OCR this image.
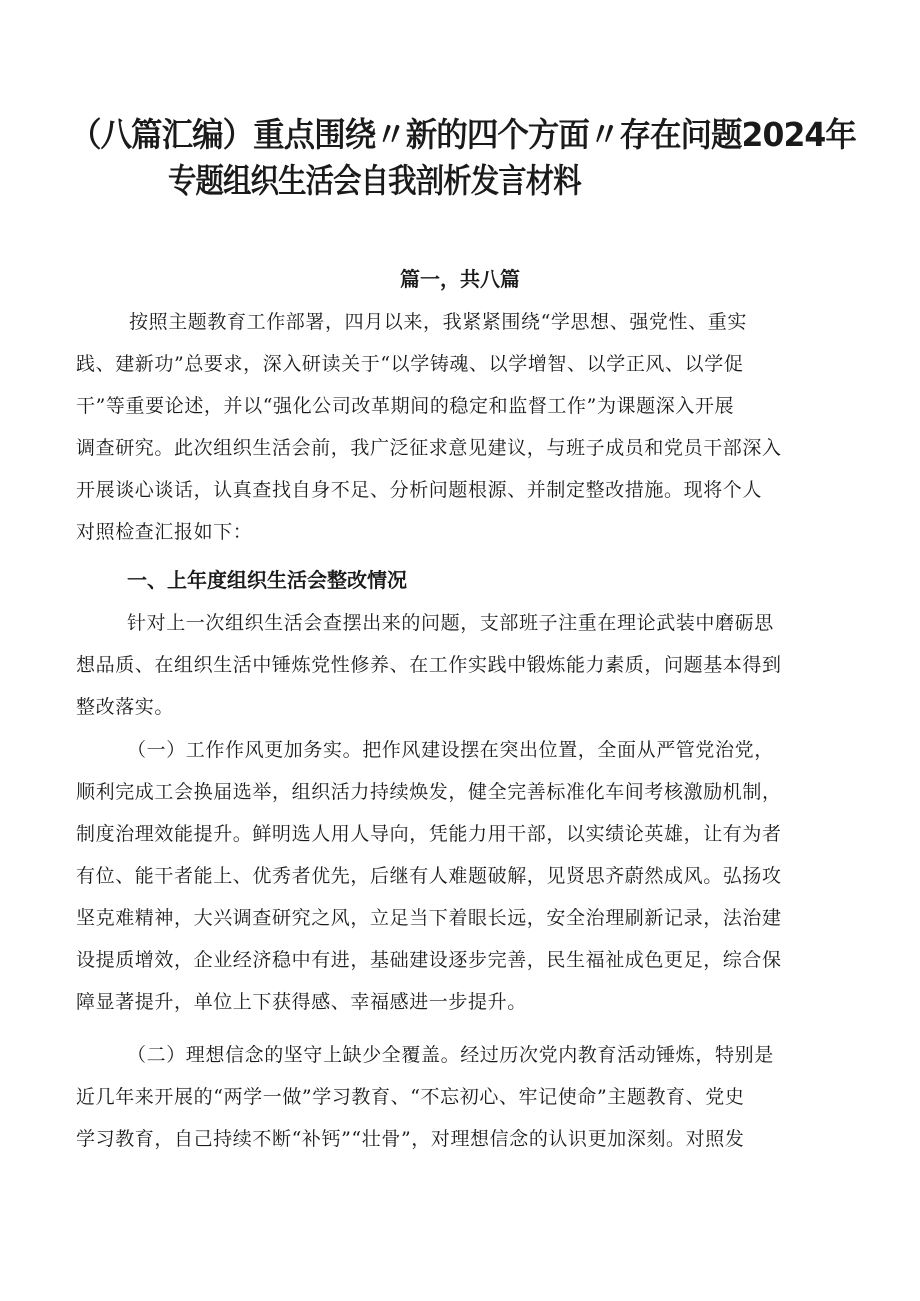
（八篇汇编）重点围绕〃新的四个方面〃存在问题2024年
专题组织生活会自我剖析发言材料
篇一，共八篇
按照主题教育工作部署，四月以来，我紧紧围绕“学思想、强党性、重实
践、建新功”总要求，深入研读关于“以学铸魂、以学增智、以学正风、以学促
干”等重要论述，并以“强化公司改革期间的稳定和监督工作”为课题深入开展
调查研究。此次组织生活会前，我广泛征求意见建议，与班子成员和党员干部深入
开展谈心谈话，认真查找自身不足、分析问题根源、并制定整改措施。现将个人
对照检查汇报如下：
一、上年度组织生活会整改情况
针对上一次组织生活会查摆出来的问题，支部班子注重在理论武装中磨砺思
想品质、在组织生活中锤炼党性修养、在工作实践中锻炼能力素质，问题基本得到
整改落实。
（一）工作作风更加务实。把作风建设摆在突出位置，全面从严管党治党，
顺利完成工会换届选举，组织活力持续焕发，健全完善标准化车间考核激励机制，
制度治理效能提升。鲜明选人用人导向，凭能力用干部，以实绩论英雄，让有为者
有位、能干者能上、优秀者优先，后继有人难题破解，见贤思齐蔚然成风。弘扬攻
坚克难精神，大兴调查研究之风，立足当下着眼长远，安全治理刷新记录，法治建
设提质增效，企业经济稳中有进，基础建设逐步完善，民生福祉成色更足，综合保
障显著提升，单位上下获得感、幸福感进一步提升。
（二）理想信念的坚守上缺少全覆盖。经过历次党内教育活动锤炼，特别是
近几年来开展的“两学一做”学习教育、“不忘初心、牢记使命”主题教育、党史
学习教育，自己持续不断“补钙”“壮骨”，对理想信念的认识更加深刻。对照发
